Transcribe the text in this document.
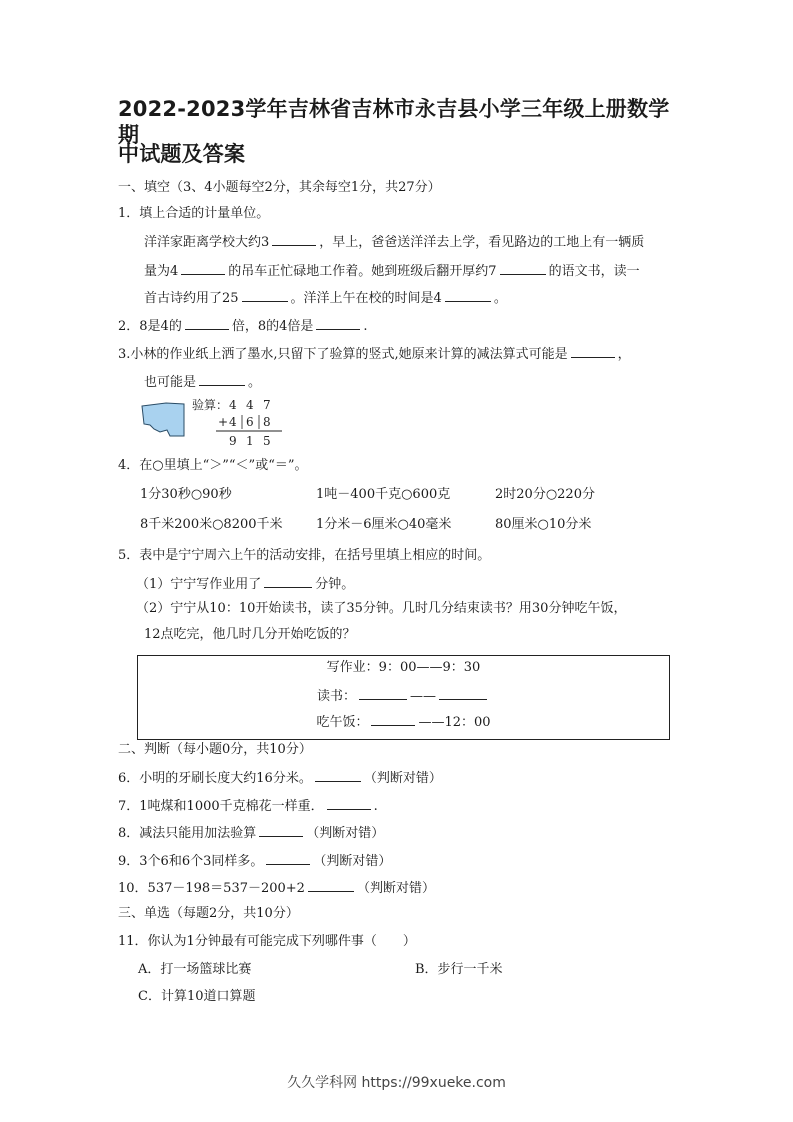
2022-2023学年吉林省吉林市永吉县小学三年级上册数学期
中试题及答案
一、填空（3、4小题每空2分，其余每空1分，共27分）
1．填上合适的计量单位。
洋洋家距离学校大约3	，早上，爸爸送洋洋去上学，看见路边的工地上有一辆质
量为4	的吊车正忙碌地工作着。她到班级后翻开厚约7	的语文书，读一
首古诗约用了25	。洋洋上午在校的时间是4	。
2．8是4的	倍，8的4倍是	.
3.小林的作业纸上洒了墨水,只留下了验算的竖式,她原来计算的减法算式可能是	，
也可能是	。
验算： 4 4 7
+ 4 6 8
9 1 5
4．在○里填上“＞”“＜”或“＝”。
1分30秒○90秒	1吨－400千克○600克	2时20分○220分
8千米200米○8200千米	1分米－6厘米○40毫米	80厘米○10分米
5．表中是宁宁周六上午的活动安排，在括号里填上相应的时间。
（1）宁宁写作业用了	分钟。
（2）宁宁从10：10开始读书，读了35分钟。几时几分结束读书？用30分钟吃午饭，
12点吃完，他几时几分开始吃饭的？
写作业：9：00——9：30
读书：	——
吃午饭：	——12：00
二、判断（每小题0分，共10分）
6．小明的牙刷长度大约16分米。	（判断对错）
7．1吨煤和1000千克棉花一样重．	.
8．减法只能用加法验算	（判断对错）
9．3个6和6个3同样多。	（判断对错）
10．537－198＝537－200+2	（判断对错）
三、单选（每题2分，共10分）
11．你认为1分钟最有可能完成下列哪件事（　　）
A．打一场篮球比赛	B．步行一千米
C．计算10道口算题
久久学科网 https://99xueke.com
